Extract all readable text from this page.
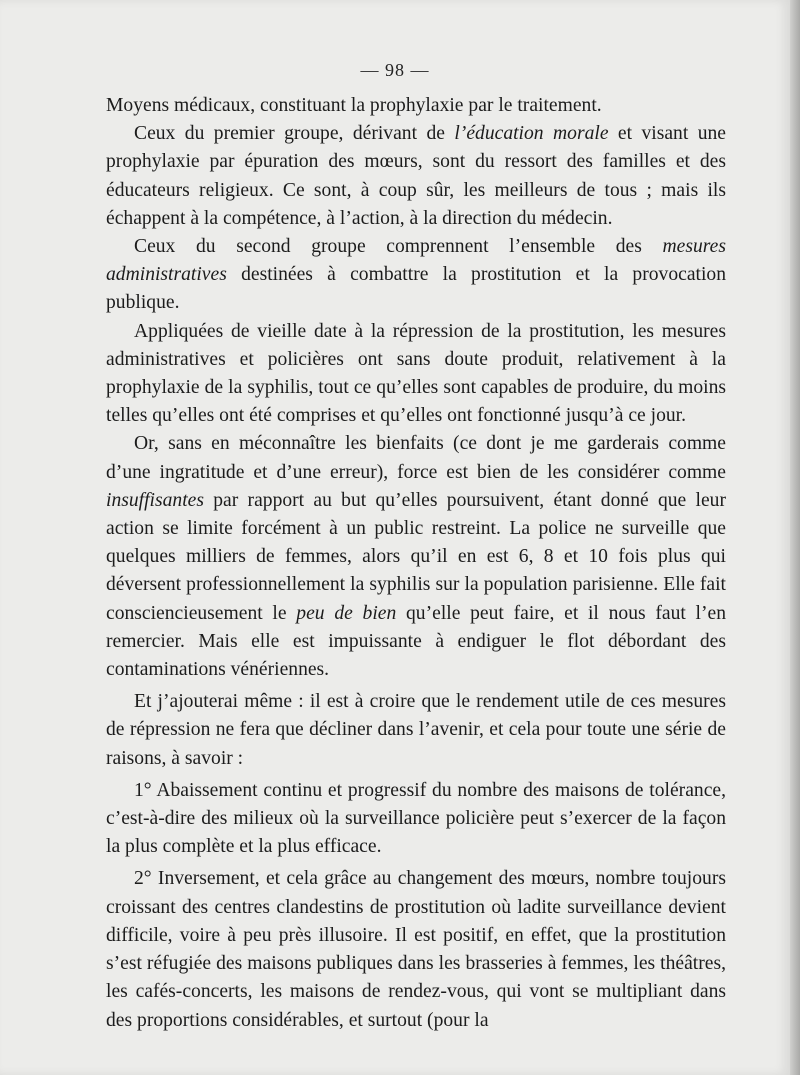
— 98 —

Moyens médicaux, constituant la prophylaxie par le traitement.

Ceux du premier groupe, dérivant de l’éducation morale et visant une prophylaxie par épuration des mœurs, sont du ressort des familles et des éducateurs religieux. Ce sont, à coup sûr, les meilleurs de tous ; mais ils échappent à la compétence, à l’action, à la direction du médecin.

Ceux du second groupe comprennent l’ensemble des mesures administratives destinées à combattre la prostitution et la provocation publique.

Appliquées de vieille date à la répression de la prostitution, les mesures administratives et policières ont sans doute produit, relativement à la prophylaxie de la syphilis, tout ce qu’elles sont capables de produire, du moins telles qu’elles ont été comprises et qu’elles ont fonctionné jusqu’à ce jour.

Or, sans en méconnaître les bienfaits (ce dont je me garderais comme d’une ingratitude et d’une erreur), force est bien de les considérer comme insuffisantes par rapport au but qu’elles poursuivent, étant donné que leur action se limite forcément à un public restreint. La police ne surveille que quelques milliers de femmes, alors qu’il en est 6, 8 et 10 fois plus qui déversent professionnellement la syphilis sur la population parisienne. Elle fait consciencieusement le peu de bien qu’elle peut faire, et il nous faut l’en remercier. Mais elle est impuissante à endiguer le flot débordant des contaminations vénériennes.

Et j’ajouterai même : il est à croire que le rendement utile de ces mesures de répression ne fera que décliner dans l’avenir, et cela pour toute une série de raisons, à savoir :

1° Abaissement continu et progressif du nombre des maisons de tolérance, c’est-à-dire des milieux où la surveillance policière peut s’exercer de la façon la plus complète et la plus efficace.

2° Inversement, et cela grâce au changement des mœurs, nombre toujours croissant des centres clandestins de prostitution où ladite surveillance devient difficile, voire à peu près illusoire. Il est positif, en effet, que la prostitution s’est réfugiée des maisons publiques dans les brasseries à femmes, les théâtres, les cafés-concerts, les maisons de rendez-vous, qui vont se multipliant dans des proportions considérables, et surtout (pour la
